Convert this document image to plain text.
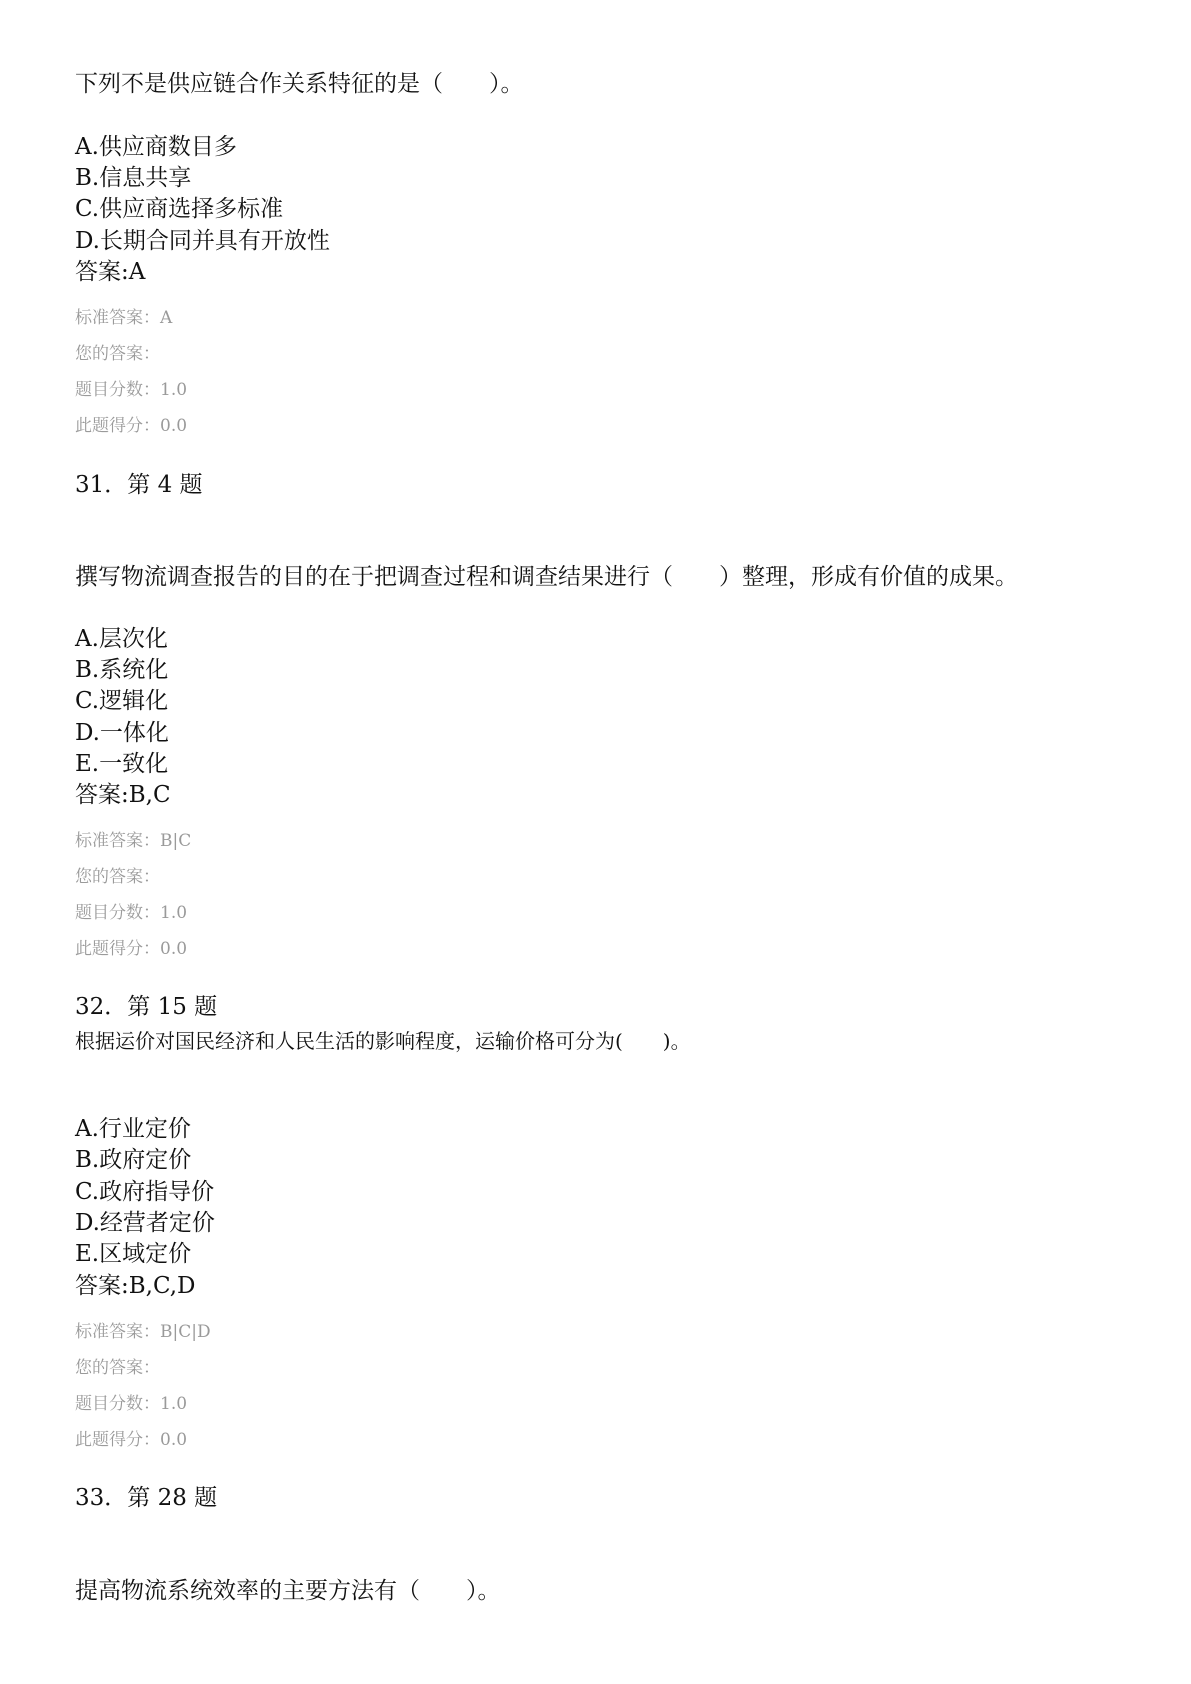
下列不是供应链合作关系特征的是（　　）。
A.供应商数目多
B.信息共享
C.供应商选择多标准
D.长期合同并具有开放性
答案:A
标准答案：A
您的答案：
题目分数：1.0
此题得分：0.0
31．第 4 题
撰写物流调查报告的目的在于把调查过程和调查结果进行（　　）整理，形成有价值的成果。
A.层次化
B.系统化
C.逻辑化
D.一体化
E.一致化
答案:B,C
标准答案：B|C
您的答案：
题目分数：1.0
此题得分：0.0
32．第 15 题
根据运价对国民经济和人民生活的影响程度，运输价格可分为(　　)。
A.行业定价
B.政府定价
C.政府指导价
D.经营者定价
E.区域定价
答案:B,C,D
标准答案：B|C|D
您的答案：
题目分数：1.0
此题得分：0.0
33．第 28 题
提高物流系统效率的主要方法有（　　）。
